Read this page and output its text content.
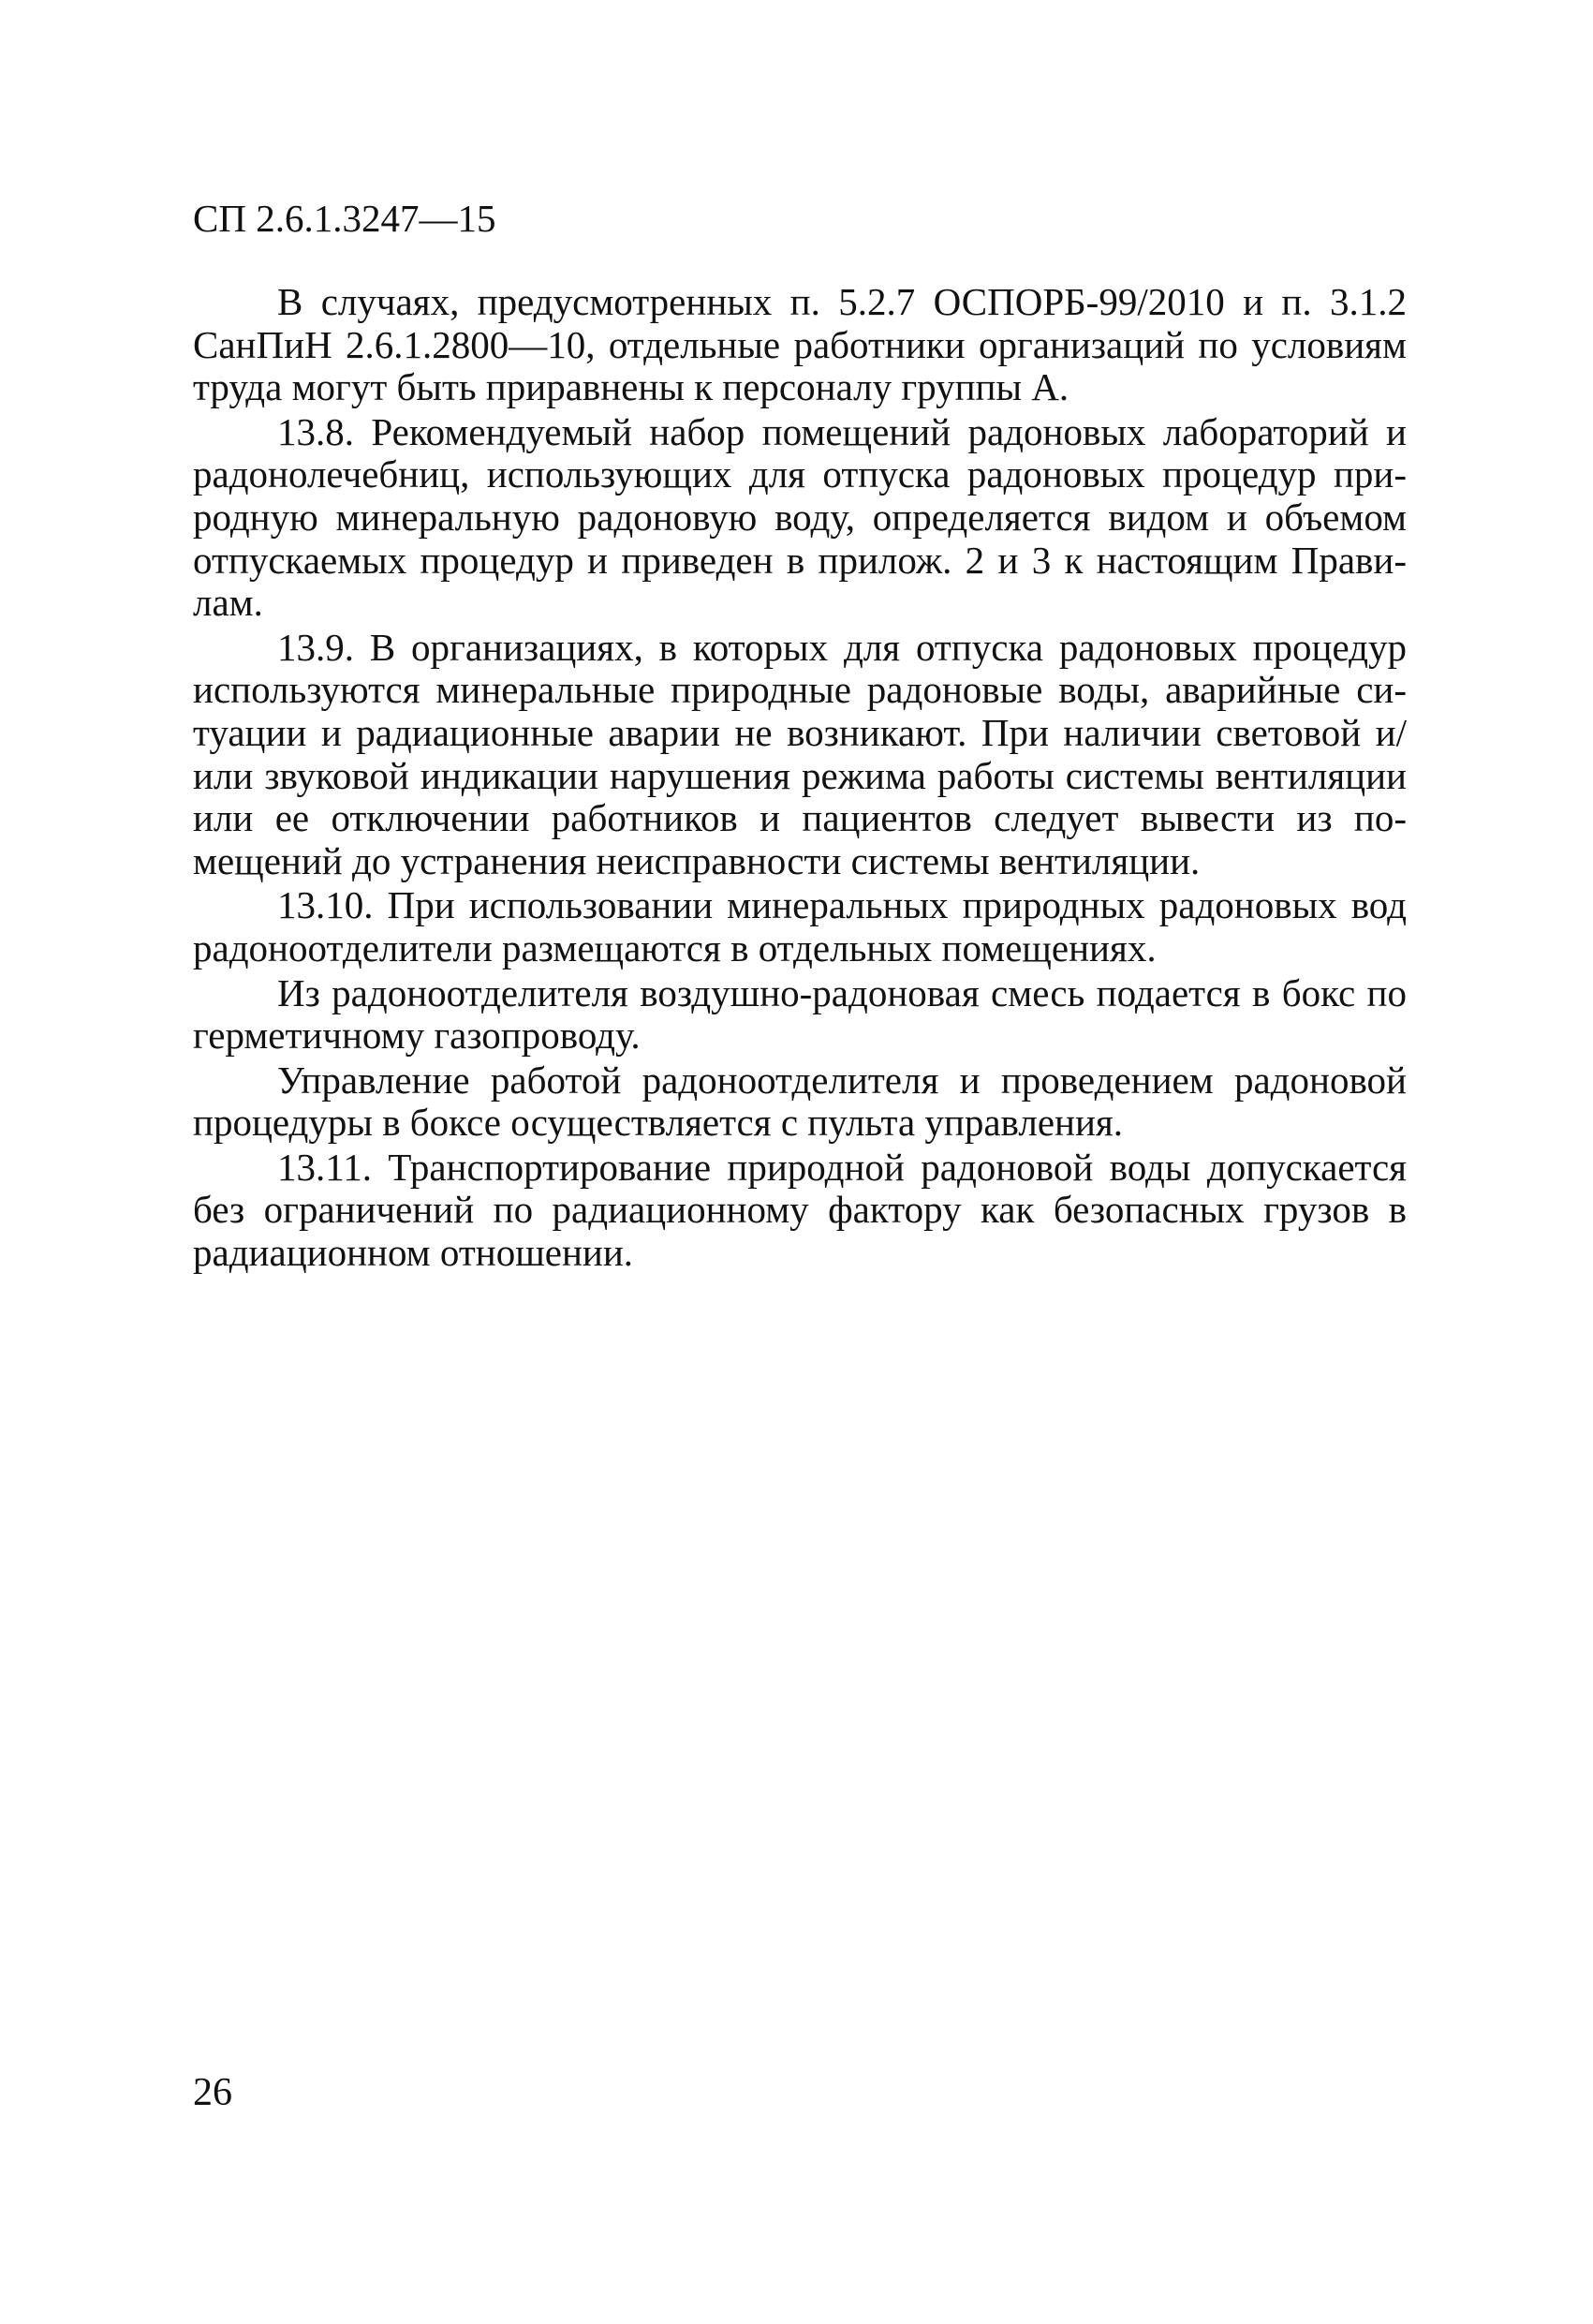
СП 2.6.1.3247—15

В случаях, предусмотренных п. 5.2.7 ОСПОРБ-99/2010 и п. 3.1.2 СанПиН 2.6.1.2800—10, отдельные работники организаций по условиям труда могут быть приравнены к персоналу группы А.

13.8. Рекомендуемый набор помещений радоновых лабораторий и радонолечебниц, использующих для отпуска радоновых процедур природную минеральную радоновую воду, определяется видом и объемом отпускаемых процедур и приведен в прилож. 2 и 3 к настоящим Правилам.

13.9. В организациях, в которых для отпуска радоновых процедур используются минеральные природные радоновые воды, аварийные ситуации и радиационные аварии не возникают. При наличии световой и/или звуковой индикации нарушения режима работы системы вентиляции или ее отключении работников и пациентов следует вывести из помещений до устранения неисправности системы вентиляции.

13.10. При использовании минеральных природных радоновых вод радоноотделители размещаются в отдельных помещениях.

Из радоноотделителя воздушно-радоновая смесь подается в бокс по герметичному газопроводу.

Управление работой радоноотделителя и проведением радоновой процедуры в боксе осуществляется с пульта управления.

13.11. Транспортирование природной радоновой воды допускается без ограничений по радиационному фактору как безопасных грузов в радиационном отношении.

26
